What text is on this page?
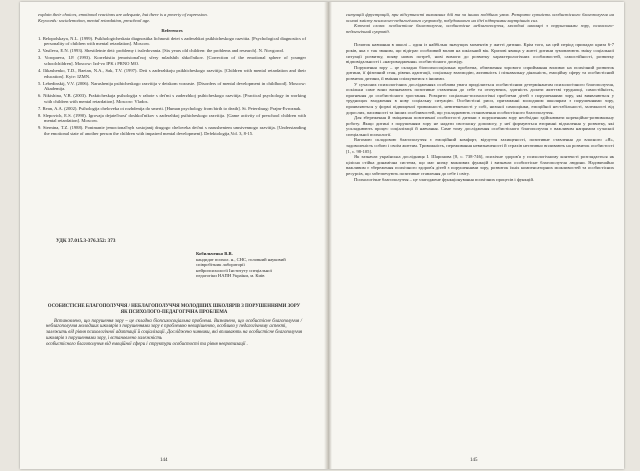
explain their choices, emotional reactions are adequate, but there is a poverty of expression.

Keywords: socialemotion, mental retardation, preschool age.

References

1. Belopolskaya, N.L. (1999). Psikhologicheskaia diagnostika lichnosti detei s zaderzhkoi psikhicheskogo razvitia. [Psychological diagnostics of personality of children with mental retardation]. Moscow.

2. Vasileva, E.N. (1993). Shestiletnie deti: problemy i issledovania. [Six years old children: the problems and research]. N. Novgorod.

3. Voropaeva, I.P. (1993). Korrektsiia jemotsional'noj sfery mladshih shkol'nikov. [Correction of the emotional sphere of younger schoolchildren]. Moscow: Izd-vo IPK i PRNO MO.

4. Ilikashenko, T.D., Baeian, N.A., Sak, T.V. (1997). Deti s zaderzhkoju psikhicheskogo razvitija. [Children with mental retardation and their education]. Kyiv: IZMN.

5. Lebedinskij, V.V. (2006). Narushenija psihicheskogo razvitija v detskom vozraste. [Disorders of mental development in childhood]. Moscow: Akademija.

6. Nikishina, V.B. (2003). Prakticheskaja psihologija v rabote s det'mi s zaderzhkoj psihicheskogo razvitija. [Practical psychology in working with children with mental retardation]. Moscow: Vlados.

7. Rean, A.A. (2002). Psihologija cheloveka ot rozhdenija do smerti. [Human psychology from birth to death]. St. Petersburg: Prajm-Evroznak.

8. Slepovich, E.S. (1990). Igrovaja dejatel'nost' doshkol'nikov s zaderzhkoj psihicheskogo razvitija. [Game activity of preschool children with mental retardation]. Moscow.

9. Sternina, T.Z. (1988). Ponimanie jemocional'nyh sostojanij drugogo cheloveka det'mi s narusheniem umstvennogo razvitija. [Understanding the emotional state of another person the children with impaired mental development]. Defektologija,Vol. 3, 8-15.

УДК 37.015.3-376.352: 373

Кобильченко В.В.

кандидат психол. н., СНС, головний науковий

співробітник лабораторії

нейропсихології Інституту спеціальної

педагогіки НАПН України, м. Київ

ОСОБИСТІСНЕ БЛАГОПОЛУЧЧЯ / НЕБЛАГОПОЛУЧЧЯ МОЛОДШИХ ШКОЛЯРІВ З ПОРУШЕННЯМИ ЗОРУ ЯК ПСИХОЛОГО-ПЕДАГОГІЧНА ПРОБЛЕМА

Встановлено, що порушення зору – це складна біопсихосоціальна проблема. Визначено, що особистісне благополуччя / неблагополуччя молодших школярів з порушеннями зору є проблемою невирішеною, особливо у педагогічному аспекті,

залежить від рівня психологічної адаптації й соціалізації. Досліджено чинники, які впливають на особистісне благополуччя школярів з порушеннями зору, і встановлено залежність

особистісного благополуччя від емоційної сфери і структури особистості та рівня невротизації .

144

ситуацій фрустрацій, при відсутності вихованих дій та за інших подібних умов. Розкрито сутність особистісного благополуччя на основі змісту психолого-педагогічного супроводу, побудованого на ідеї підтримки внутрішніх сил.

Ключові слова: особистісне благополуччя, особистісне неблагополуччя, молодші школярі з порушеннями зору, психолого-педагогічний супровід.

Початок навчання в школі – один із найбільш значущих моментів у житті дитини. Крім того, на цей період припадає криза 6-7 років, яка є так званим, що відіграє особливий вплив на шкільний вік. Кризові явища у житті дитини зумовлюють зміну соціальної ситуації розвитку, появу нових потреб, нові вимоги до розвитку характерологічних особливостей, самостійності, розвитку відповідальності і «нагромадження» особистісного досвіду.

Порушення зору – це складна біопсихосоціальна проблема, обмеження зорового сприймання впливає на психічний розвиток дитини, її фізичний стан, рівень адаптації, соціальну взаємодію, активність і пізнавальну діяльність, емоційну сферу та особистісний розвиток дитини, її вміння спілкуватися з іншими.

У сучасних психологічних дослідженнях особлива увага приділяється особистісним детермінантам психологічного благополуччя, оскільки саме вони визначають позитивне ставлення до себе та оточуючих, здатність долати життєві труднощі, самостійність, прагнення до особистісного зростання. Розкрито соціально-психологічні проблеми дітей з порушеннями зору, які виявляються у труднощах входження в нову соціальну ситуацію. Особистісні риси, притаманні молодшим школярам з порушеннями зору, проявляються у формі підвищеної тривожності, невпевненості у собі, низької самооцінки, емоційної нестабільності, залежності від дорослих, пасивності та інших особливостей, що ускладнюють становлення особистісного благополуччя.

Для збереження й зміцнення позитивної особистості дитини з порушенням зору необхідно здійснювати корекційно-розвивальну роботу. Якщо дитині з порушенням зору не надати своєчасну допомогу, у неї формуються вторинні відхилення у розвитку, які ускладнюють процес соціалізації й навчання. Саме тому дослідження особистісного благополуччя є важливим напрямом сучасної спеціальної психології.

Вагомою складовою благополуччя є емоційний комфорт, відчуття захищеності, позитивне ставлення до власного «Я», задоволеність собою і своїм життям. Тривожність, переживання невизначеності й страхів негативно впливають на розвиток особистості [1, с. 98-105].

Як зазначає українська дослідниця І. Шаронова [8, с. 738-746], психічне здоров'я у психологічному контексті розглядається як цілісна стійка динамічна система, що має низку важливих функцій і визначає особистісне благополуччя людини. Надзвичайно важливим є збереження психічного здоров'я дітей з порушеннями зору, розвиток їхніх компенсаторних можливостей та особистісних ресурсів, що забезпечують позитивне ставлення до себе і світу.

Психологічне благополуччя – це злагоджене функціонування психічних процесів і функцій.

145
